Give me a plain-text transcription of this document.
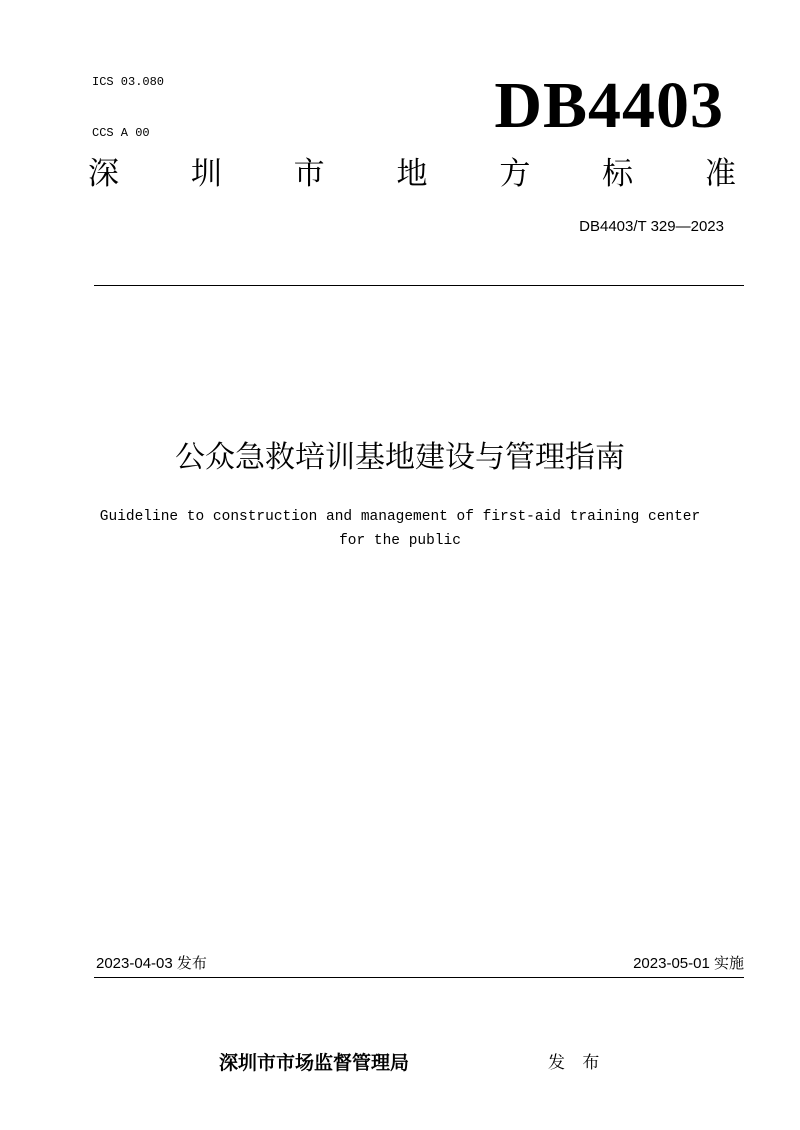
ICS 03.080

CCS A 00	DB4403
深 圳 市 地 方 标 准
DB4403/T 329—2023
公众急救培训基地建设与管理指南
Guideline to construction and management of first-aid training center
for the public
2023-04-03 发布	2023-05-01 实施
深圳市市场监督管理局	发 布
